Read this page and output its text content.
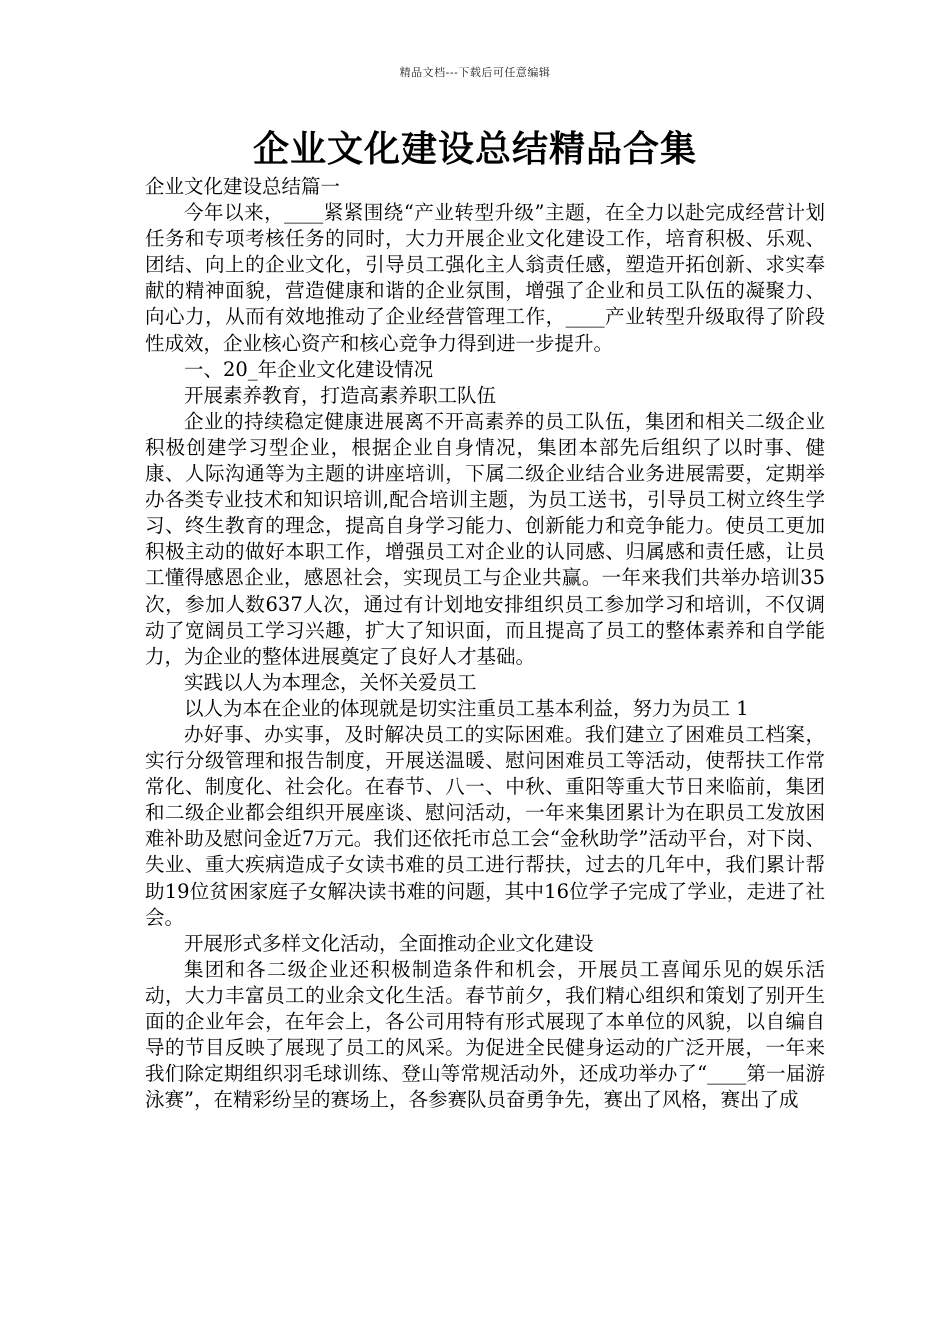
精品文档---下载后可任意编辑
企业文化建设总结精品合集

企业文化建设总结篇一

今年以来，____紧紧围绕“产业转型升级”主题，在全力以赴完成经营计划任务和专项考核任务的同时，大力开展企业文化建设工作，培育积极、乐观、团结、向上的企业文化，引导员工强化主人翁责任感，塑造开拓创新、求实奉献的精神面貌，营造健康和谐的企业氛围，增强了企业和员工队伍的凝聚力、向心力，从而有效地推动了企业经营管理工作，____产业转型升级取得了阶段性成效，企业核心资产和核心竞争力得到进一步提升。

一、20_年企业文化建设情况

开展素养教育，打造高素养职工队伍

企业的持续稳定健康进展离不开高素养的员工队伍，集团和相关二级企业积极创建学习型企业，根据企业自身情况，集团本部先后组织了以时事、健康、人际沟通等为主题的讲座培训，下属二级企业结合业务进展需要，定期举办各类专业技术和知识培训,配合培训主题，为员工送书，引导员工树立终生学习、终生教育的理念，提高自身学习能力、创新能力和竞争能力。使员工更加积极主动的做好本职工作，增强员工对企业的认同感、归属感和责任感，让员工懂得感恩企业，感恩社会，实现员工与企业共赢。一年来我们共举办培训35次，参加人数637人次，通过有计划地安排组织员工参加学习和培训，不仅调动了宽阔员工学习兴趣，扩大了知识面，而且提高了员工的整体素养和自学能力，为企业的整体进展奠定了良好人才基础。

实践以人为本理念，关怀关爱员工

以人为本在企业的体现就是切实注重员工基本利益，努力为员工 1

办好事、办实事，及时解决员工的实际困难。我们建立了困难员工档案，实行分级管理和报告制度，开展送温暖、慰问困难员工等活动，使帮扶工作常常化、制度化、社会化。在春节、八一、中秋、重阳等重大节日来临前，集团和二级企业都会组织开展座谈、慰问活动，一年来集团累计为在职员工发放困难补助及慰问金近7万元。我们还依托市总工会“金秋助学”活动平台，对下岗、失业、重大疾病造成子女读书难的员工进行帮扶，过去的几年中，我们累计帮助19位贫困家庭子女解决读书难的问题，其中16位学子完成了学业，走进了社会。

开展形式多样文化活动，全面推动企业文化建设

集团和各二级企业还积极制造条件和机会，开展员工喜闻乐见的娱乐活动，大力丰富员工的业余文化生活。春节前夕，我们精心组织和策划了别开生面的企业年会，在年会上，各公司用特有形式展现了本单位的风貌，以自编自导的节目反映了展现了员工的风采。为促进全民健身运动的广泛开展，一年来我们除定期组织羽毛球训练、登山等常规活动外，还成功举办了“____第一届游泳赛”，在精彩纷呈的赛场上，各参赛队员奋勇争先，赛出了风格，赛出了成
